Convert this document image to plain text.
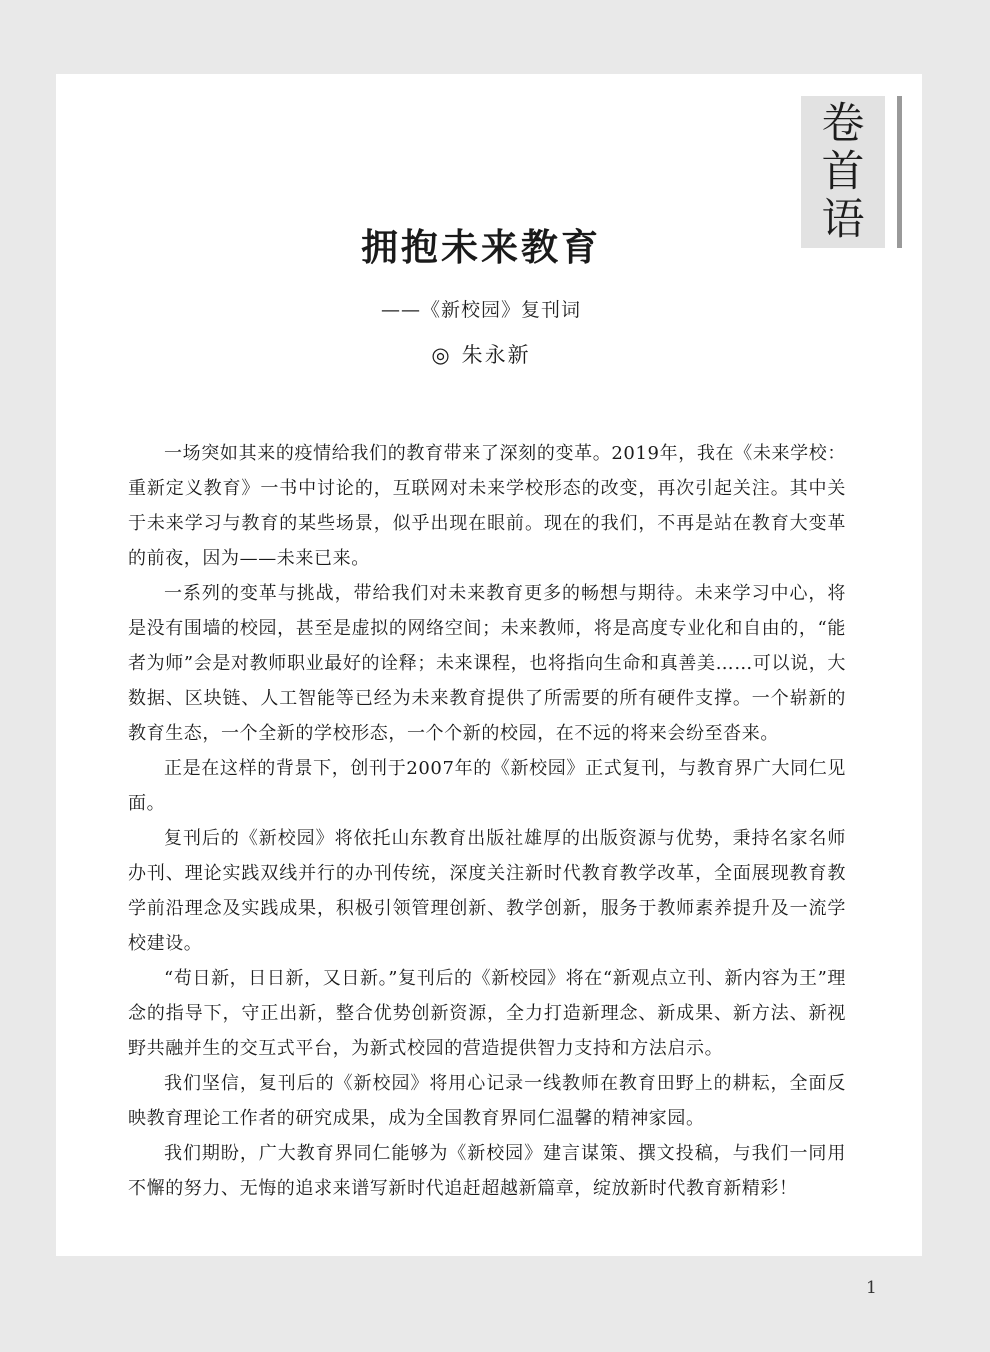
卷
首
语
拥抱未来教育
——《新校园》复刊词
◎ 朱永新

一场突如其来的疫情给我们的教育带来了深刻的变革。2019年，我在《未来学校：重新定义教育》一书中讨论的，互联网对未来学校形态的改变，再次引起关注。其中关于未来学习与教育的某些场景，似乎出现在眼前。现在的我们，不再是站在教育大变革的前夜，因为——未来已来。

一系列的变革与挑战，带给我们对未来教育更多的畅想与期待。未来学习中心，将是没有围墙的校园，甚至是虚拟的网络空间；未来教师，将是高度专业化和自由的，“能者为师”会是对教师职业最好的诠释；未来课程，也将指向生命和真善美……可以说，大数据、区块链、人工智能等已经为未来教育提供了所需要的所有硬件支撑。一个崭新的教育生态，一个全新的学校形态，一个个新的校园，在不远的将来会纷至沓来。

正是在这样的背景下，创刊于2007年的《新校园》正式复刊，与教育界广大同仁见面。

复刊后的《新校园》将依托山东教育出版社雄厚的出版资源与优势，秉持名家名师办刊、理论实践双线并行的办刊传统，深度关注新时代教育教学改革，全面展现教育教学前沿理念及实践成果，积极引领管理创新、教学创新，服务于教师素养提升及一流学校建设。

“苟日新，日日新，又日新。”复刊后的《新校园》将在“新观点立刊、新内容为王”理念的指导下，守正出新，整合优势创新资源，全力打造新理念、新成果、新方法、新视野共融并生的交互式平台，为新式校园的营造提供智力支持和方法启示。

我们坚信，复刊后的《新校园》将用心记录一线教师在教育田野上的耕耘，全面反映教育理论工作者的研究成果，成为全国教育界同仁温馨的精神家园。

我们期盼，广大教育界同仁能够为《新校园》建言谋策、撰文投稿，与我们一同用不懈的努力、无悔的追求来谱写新时代追赶超越新篇章，绽放新时代教育新精彩！

1
